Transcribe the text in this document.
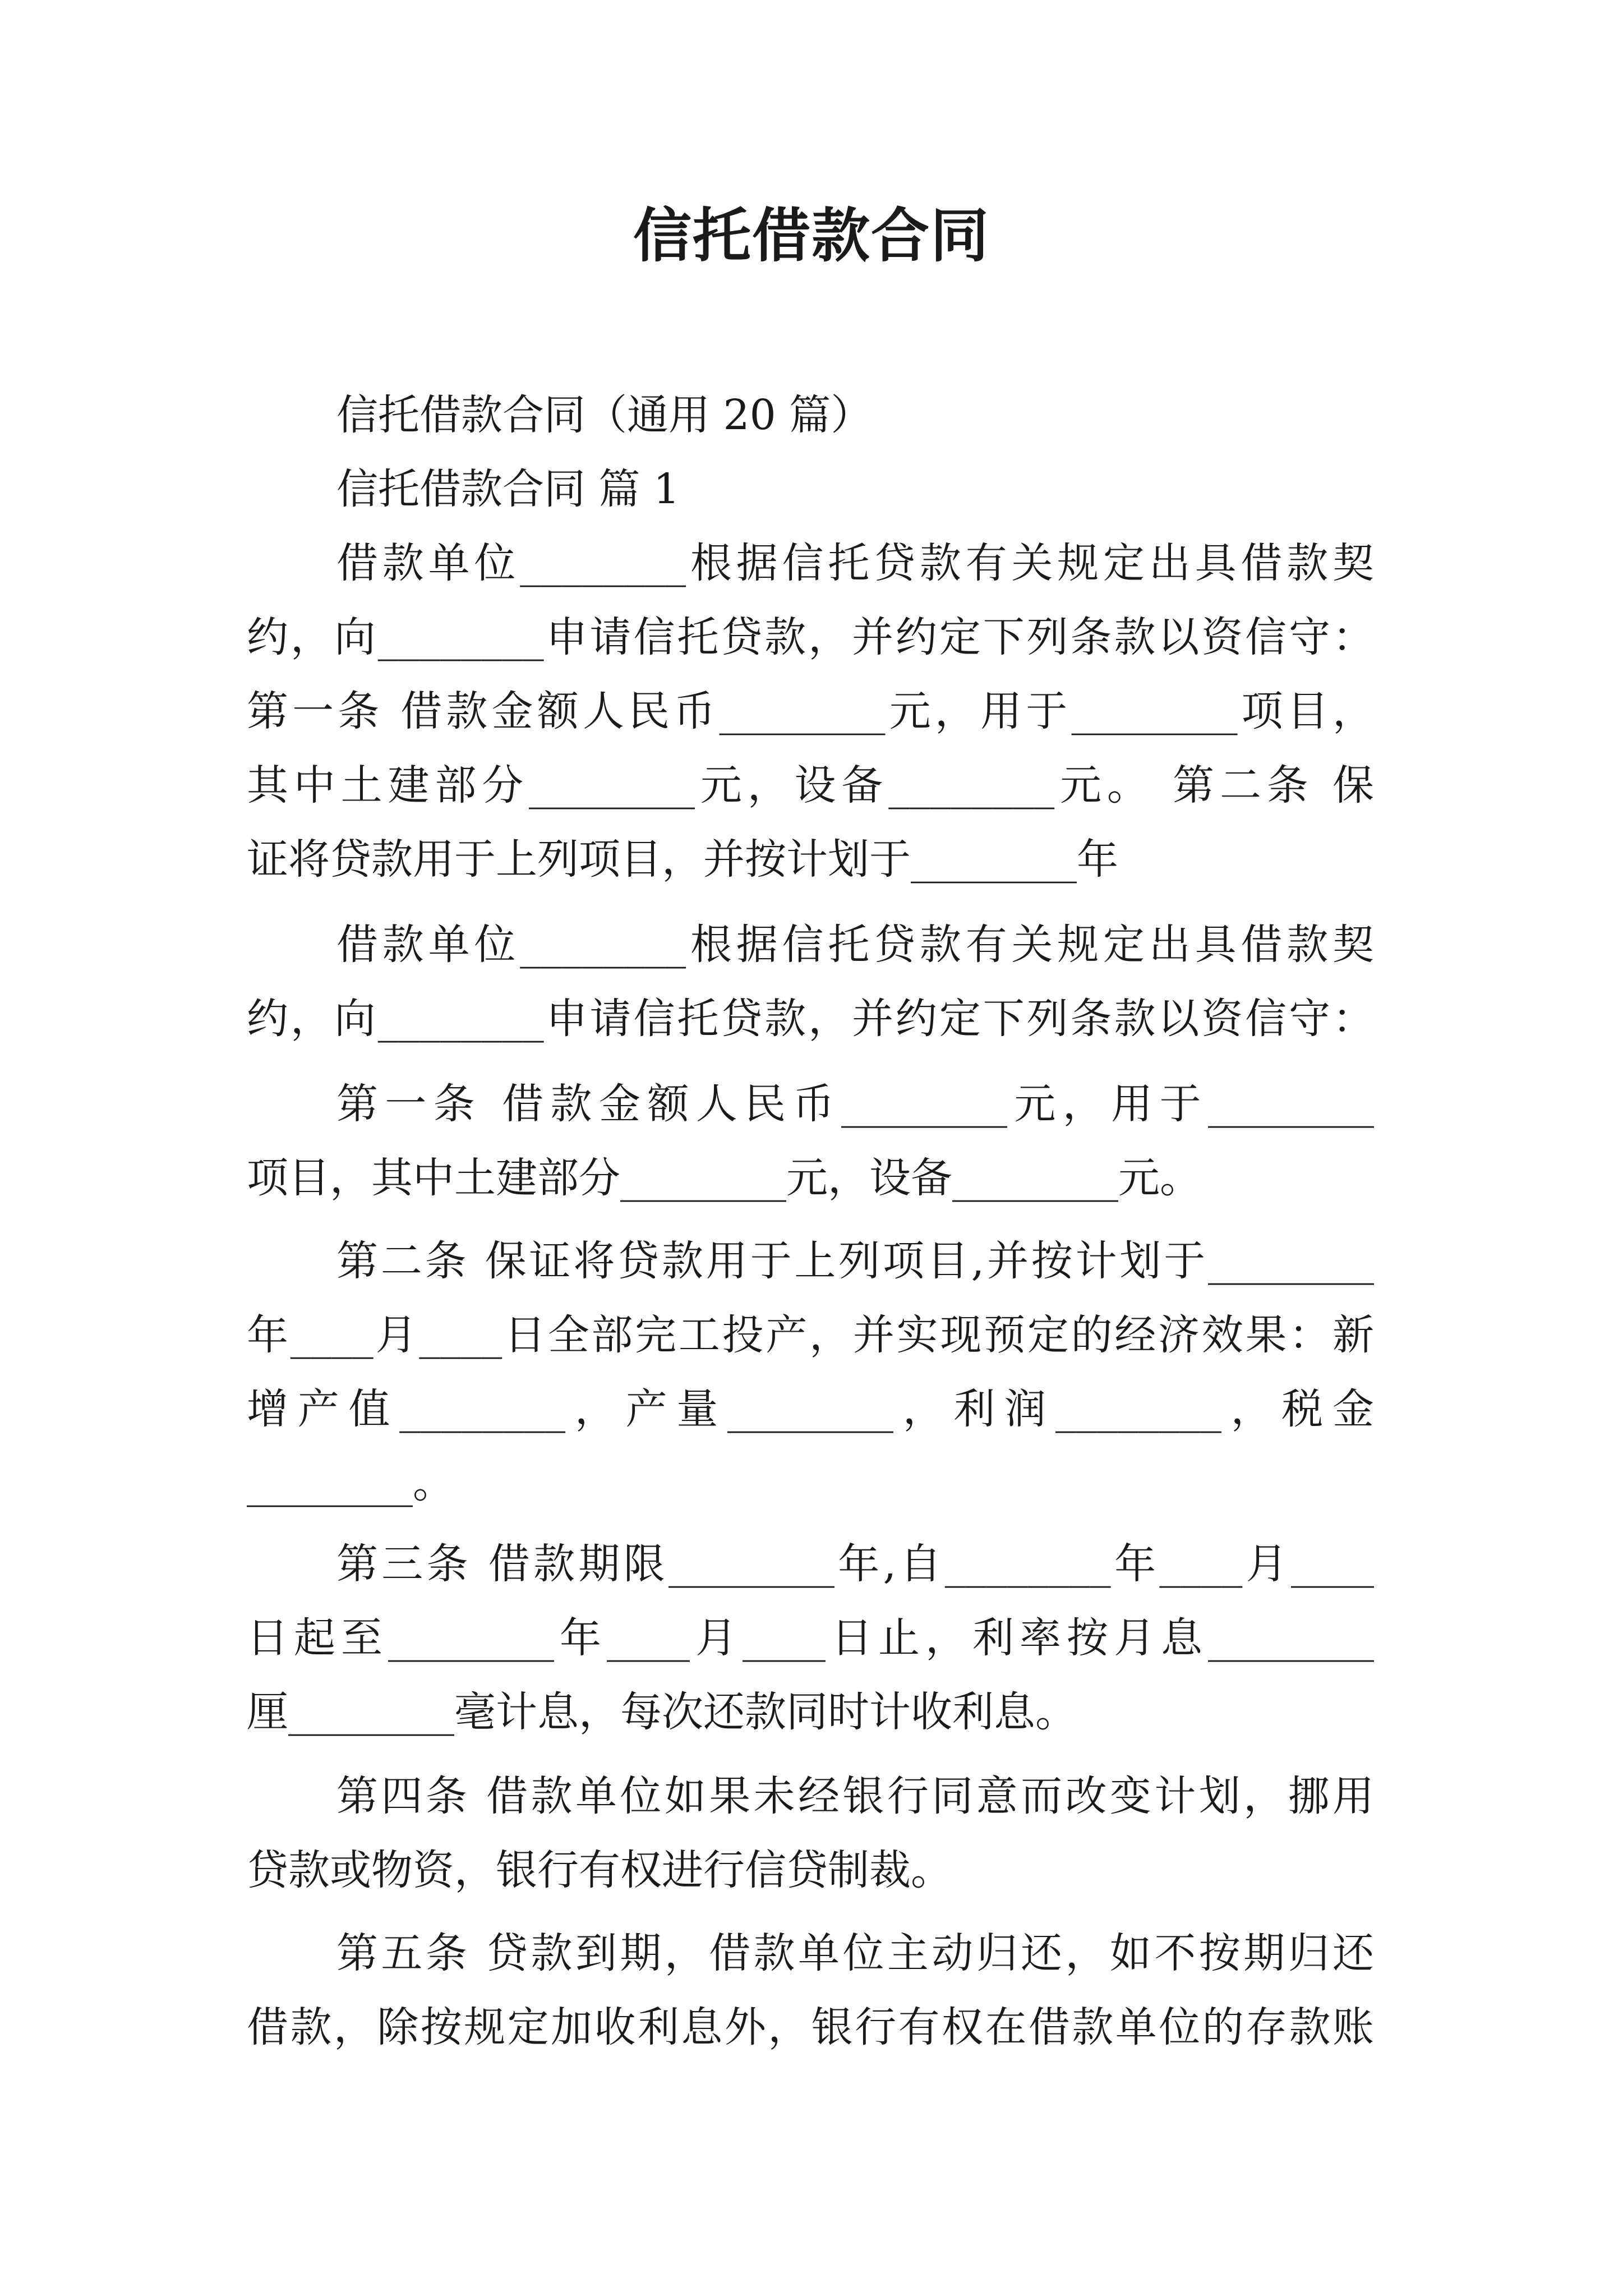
信托借款合同
信托借款合同（通用 20 篇）
信托借款合同 篇 1
借款单位________根据信托贷款有关规定出具借款契
约，向________申请信托贷款，并约定下列条款以资信守：
第一条 借款金额人民币________元，用于________项目，
其中土建部分________元，设备________元。 第二条 保
证将贷款用于上列项目，并按计划于________年
借款单位________根据信托贷款有关规定出具借款契
约，向________申请信托贷款，并约定下列条款以资信守：
第一条 借款金额人民币________元，用于________
项目，其中土建部分________元，设备________元。
第二条 保证将贷款用于上列项目,并按计划于________
年____月____日全部完工投产，并实现预定的经济效果：新
增产值________，产量________，利润________，税金
________。
第三条 借款期限________年,自________年____月____
日起至________年____月____日止，利率按月息________
厘________毫计息，每次还款同时计收利息。
第四条 借款单位如果未经银行同意而改变计划，挪用
贷款或物资，银行有权进行信贷制裁。
第五条 贷款到期，借款单位主动归还，如不按期归还
借款，除按规定加收利息外，银行有权在借款单位的存款账
